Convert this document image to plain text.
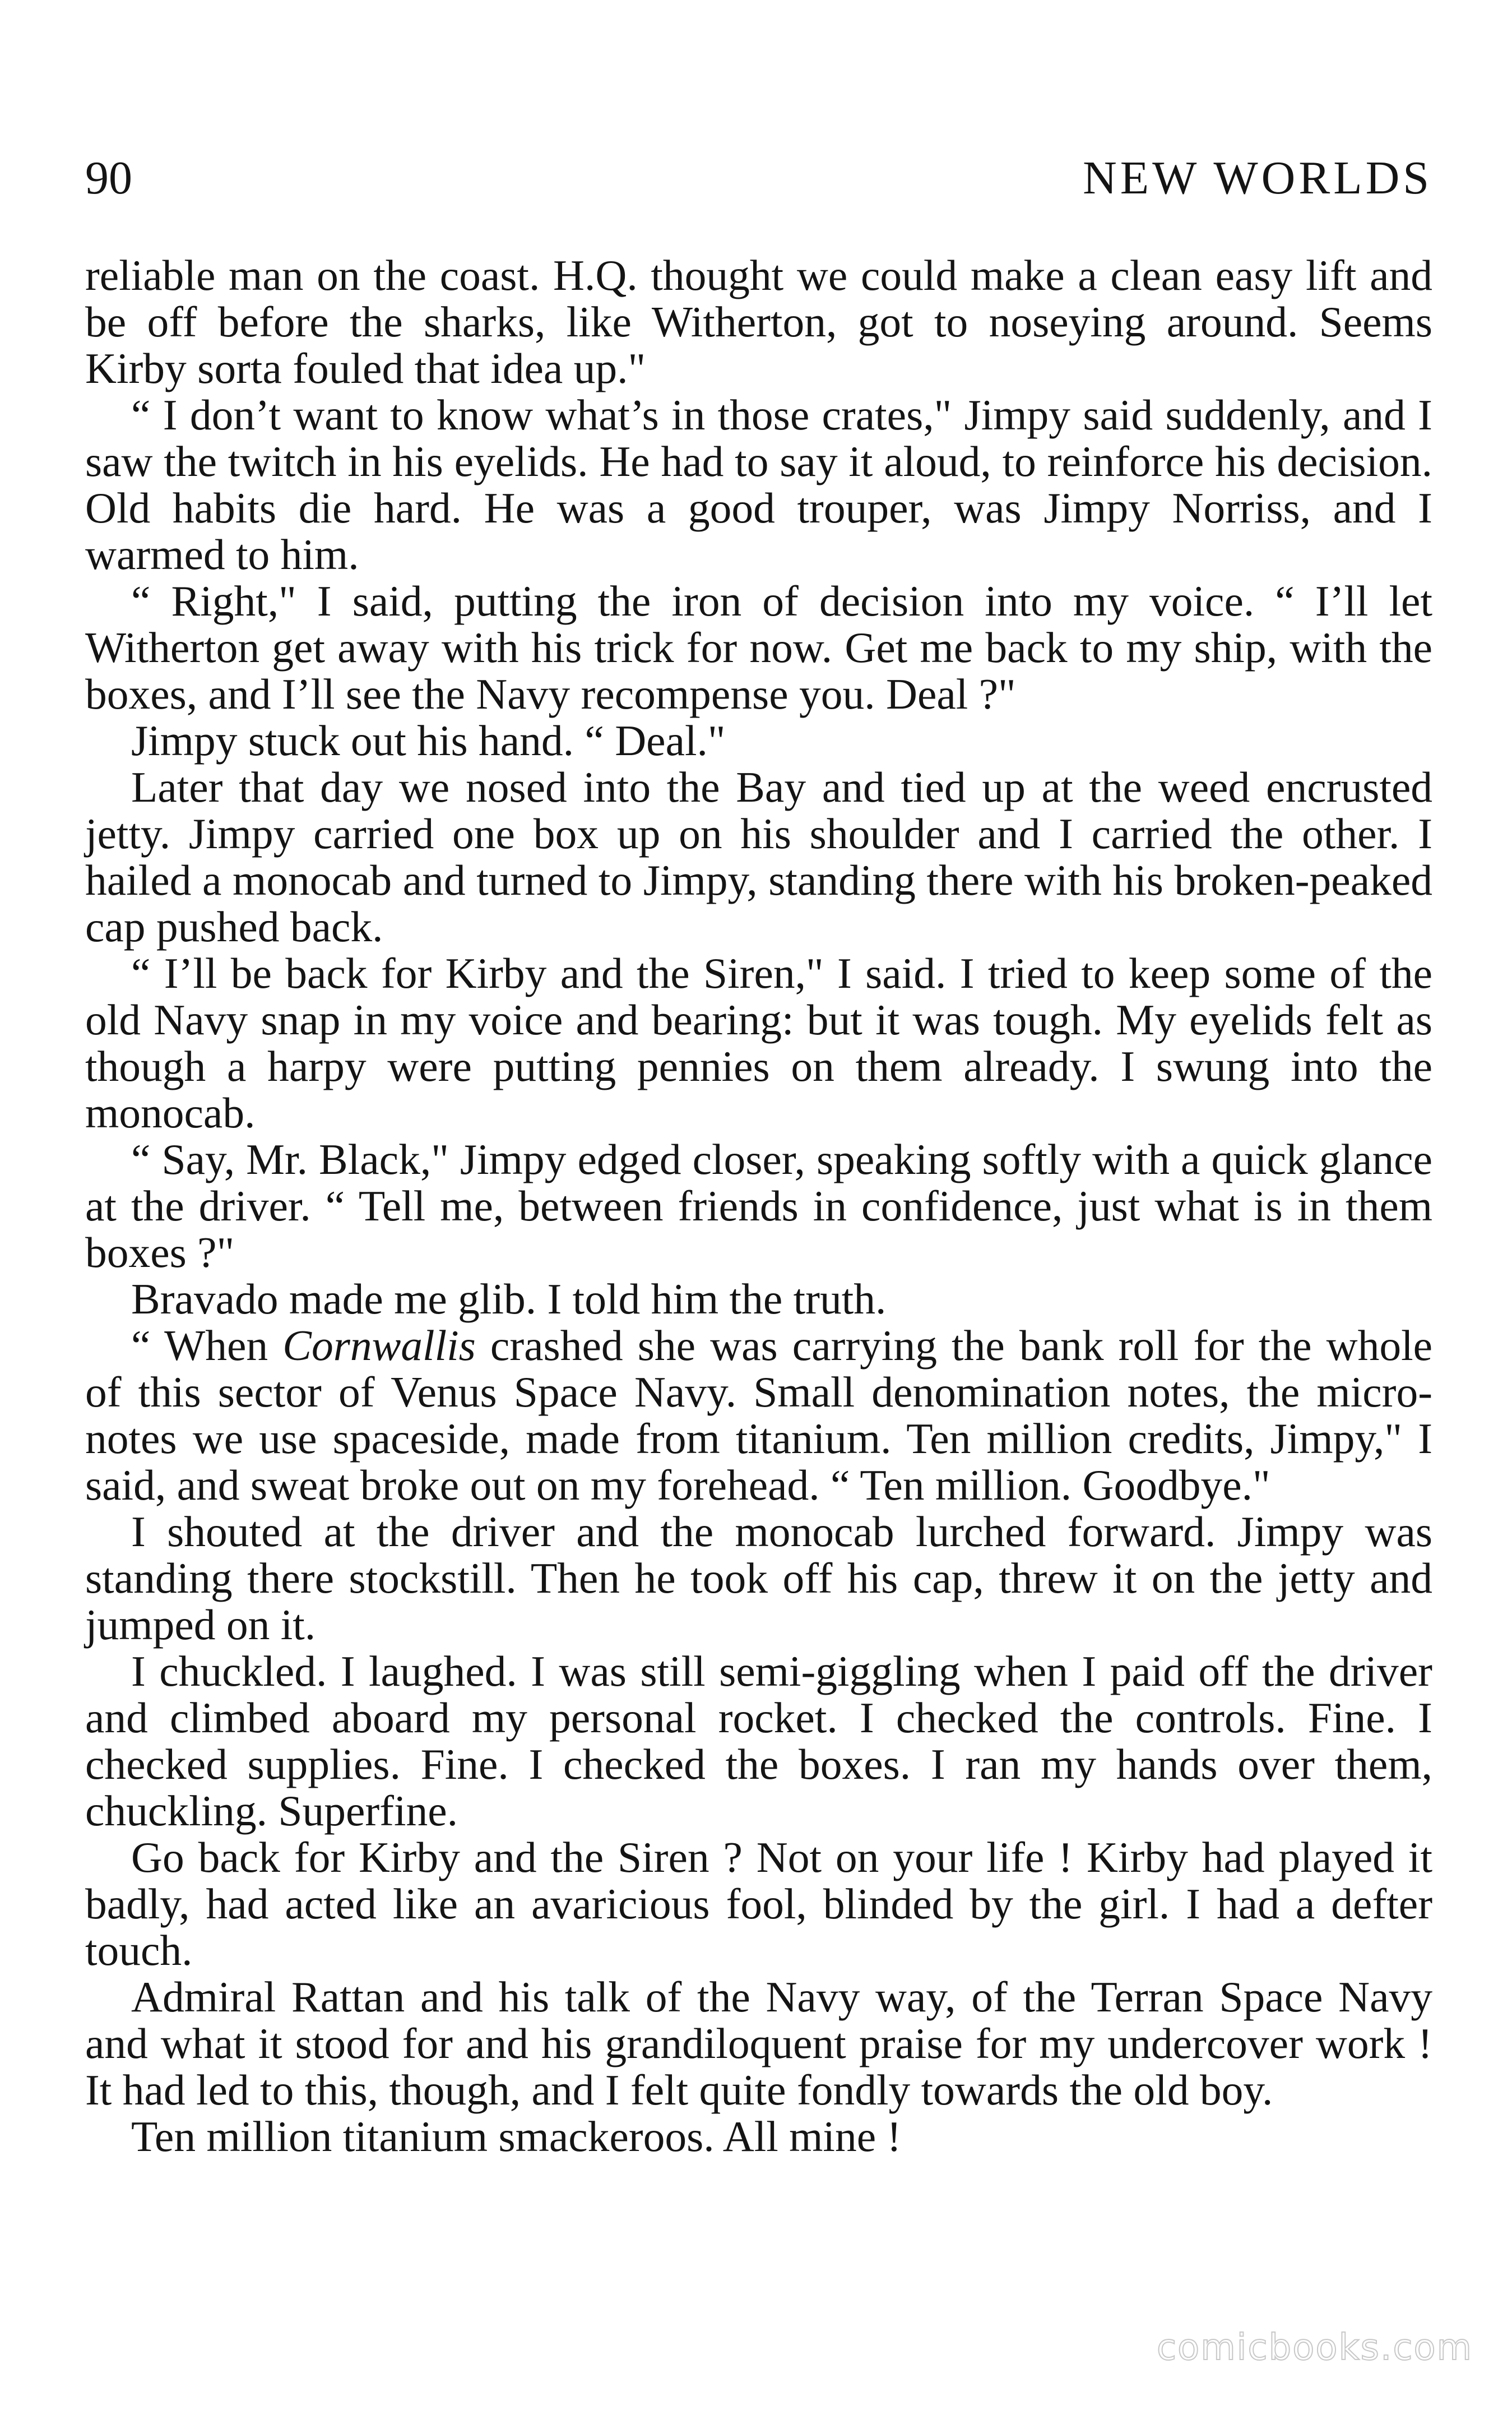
90	NEW WORLDS

reliable man on the coast. H.Q. thought we could make a clean easy lift and be off before the sharks, like Witherton, got to noseying around. Seems Kirby sorta fouled that idea up."

“ I don’t want to know what’s in those crates," Jimpy said suddenly, and I saw the twitch in his eyelids. He had to say it aloud, to reinforce his decision. Old habits die hard. He was a good trouper, was Jimpy Norriss, and I warmed to him.

“ Right," I said, putting the iron of decision into my voice. “ I’ll let Witherton get away with his trick for now. Get me back to my ship, with the boxes, and I’ll see the Navy recompense you. Deal ?"

Jimpy stuck out his hand. “ Deal."

Later that day we nosed into the Bay and tied up at the weed encrusted jetty. Jimpy carried one box up on his shoulder and I carried the other. I hailed a monocab and turned to Jimpy, standing there with his broken-peaked cap pushed back.

“ I’ll be back for Kirby and the Siren," I said. I tried to keep some of the old Navy snap in my voice and bearing: but it was tough. My eyelids felt as though a harpy were putting pennies on them already. I swung into the monocab.

“ Say, Mr. Black," Jimpy edged closer, speaking softly with a quick glance at the driver. “ Tell me, between friends in confidence, just what is in them boxes ?"

Bravado made me glib. I told him the truth.

“ When Cornwallis crashed she was carrying the bank roll for the whole of this sector of Venus Space Navy. Small denomination notes, the micro-notes we use spaceside, made from titanium. Ten million credits, Jimpy," I said, and sweat broke out on my forehead. “ Ten million. Goodbye."

I shouted at the driver and the monocab lurched forward. Jimpy was standing there stockstill. Then he took off his cap, threw it on the jetty and jumped on it.

I chuckled. I laughed. I was still semi-giggling when I paid off the driver and climbed aboard my personal rocket. I checked the controls. Fine. I checked supplies. Fine. I checked the boxes. I ran my hands over them, chuckling. Superfine.

Go back for Kirby and the Siren ? Not on your life ! Kirby had played it badly, had acted like an avaricious fool, blinded by the girl. I had a defter touch.

Admiral Rattan and his talk of the Navy way, of the Terran Space Navy and what it stood for and his grandiloquent praise for my undercover work ! It had led to this, though, and I felt quite fondly towards the old boy.

Ten million titanium smackeroos. All mine !

comicbooks.com
